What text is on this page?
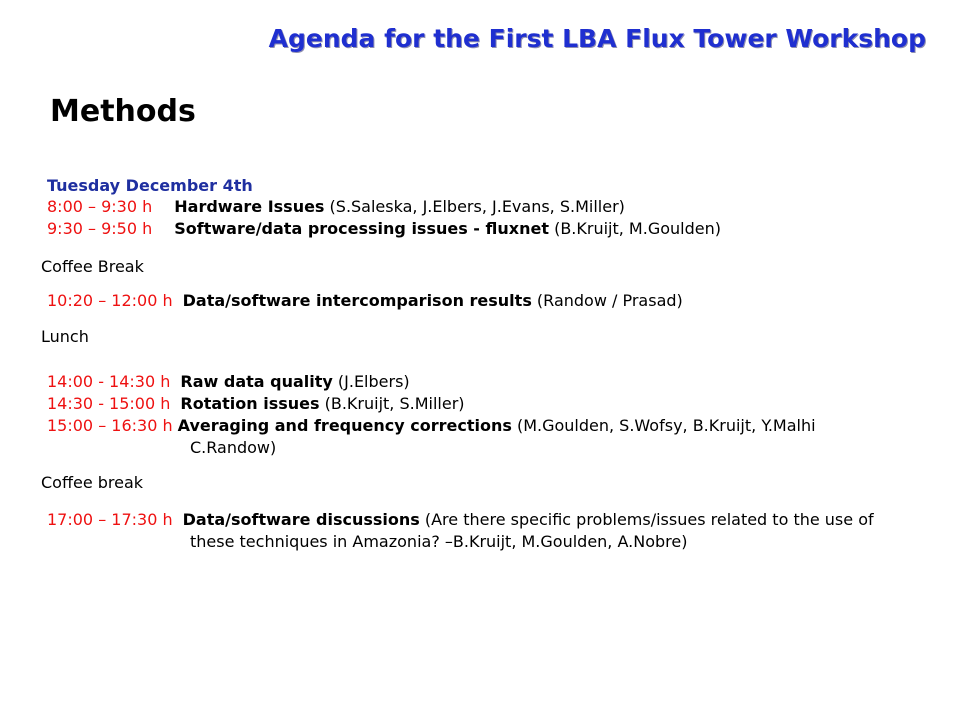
Agenda for the First LBA Flux Tower Workshop
Methods
Tuesday December 4th
8:00 – 9:30 h Hardware Issues (S.Saleska, J.Elbers, J.Evans, S.Miller)
9:30 – 9:50 h Software/data processing issues - fluxnet (B.Kruijt, M.Goulden)
Coffee Break
10:20 – 12:00 h Data/software intercomparison results (Randow / Prasad)
Lunch
14:00 - 14:30 h Raw data quality (J.Elbers)
14:30 - 15:00 h Rotation issues (B.Kruijt, S.Miller)
15:00 – 16:30 h Averaging and frequency corrections (M.Goulden, S.Wofsy, B.Kruijt, Y.Malhi
C.Randow)
Coffee break
17:00 – 17:30 h Data/software discussions (Are there specific problems/issues related to the use of
these techniques in Amazonia? –B.Kruijt, M.Goulden, A.Nobre)
